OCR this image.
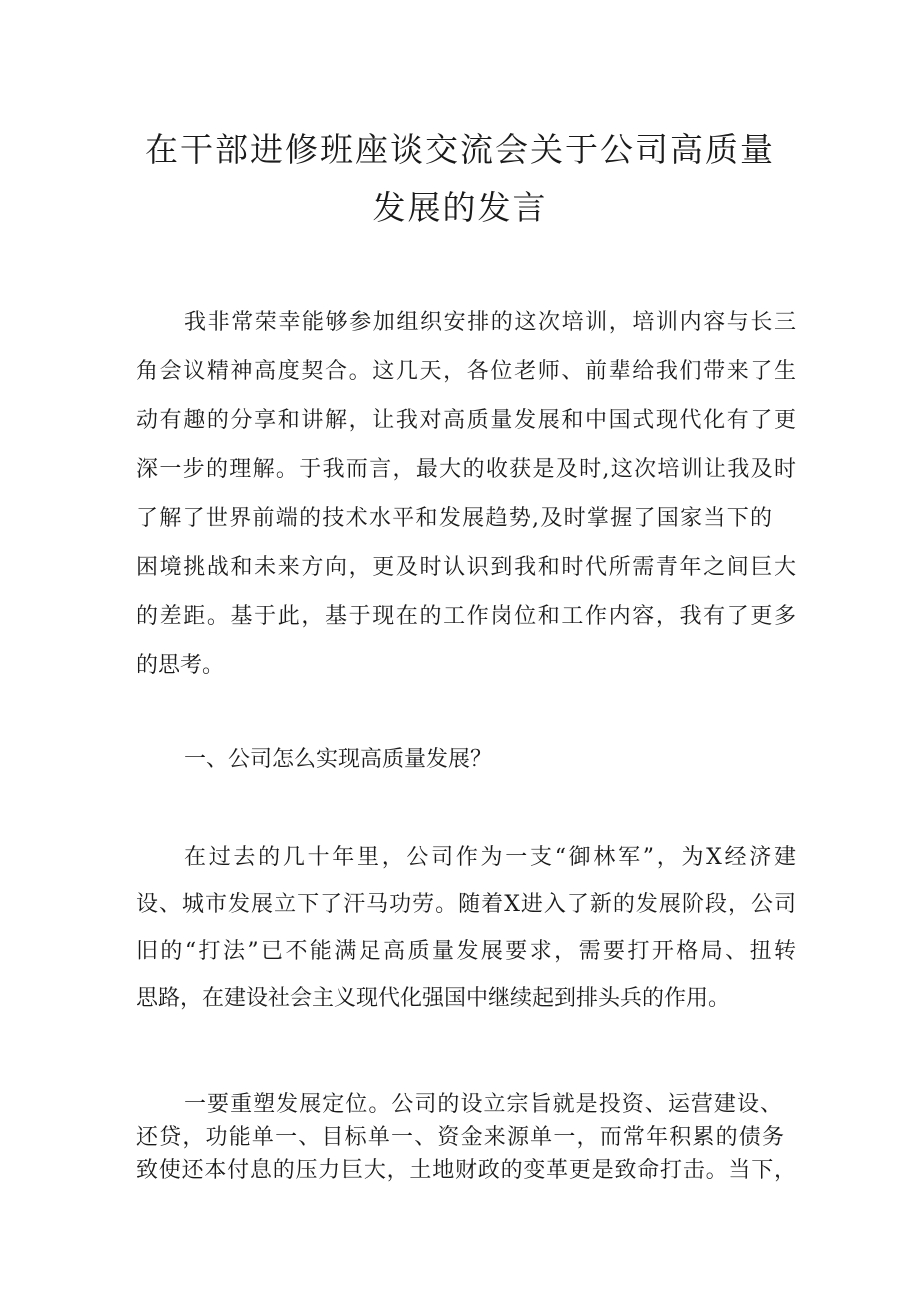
在干部进修班座谈交流会关于公司高质量
发展的发言

我非常荣幸能够参加组织安排的这次培训，培训内容与长三

角会议精神高度契合。这几天，各位老师、前辈给我们带来了生

动有趣的分享和讲解，让我对高质量发展和中国式现代化有了更

深一步的理解。于我而言，最大的收获是及时,这次培训让我及时

了解了世界前端的技术水平和发展趋势,及时掌握了国家当下的

困境挑战和未来方向，更及时认识到我和时代所需青年之间巨大

的差距。基于此，基于现在的工作岗位和工作内容，我有了更多

的思考。

一、公司怎么实现高质量发展？

在过去的几十年里，公司作为一支“御林军”，为X经济建

设、城市发展立下了汗马功劳。随着X进入了新的发展阶段，公司

旧的“打法”已不能满足高质量发展要求，需要打开格局、扭转

思路，在建设社会主义现代化强国中继续起到排头兵的作用。

一要重塑发展定位。公司的设立宗旨就是投资、运营建设、

还贷，功能单一、目标单一、资金来源单一，而常年积累的债务

致使还本付息的压力巨大，土地财政的变革更是致命打击。当下，
